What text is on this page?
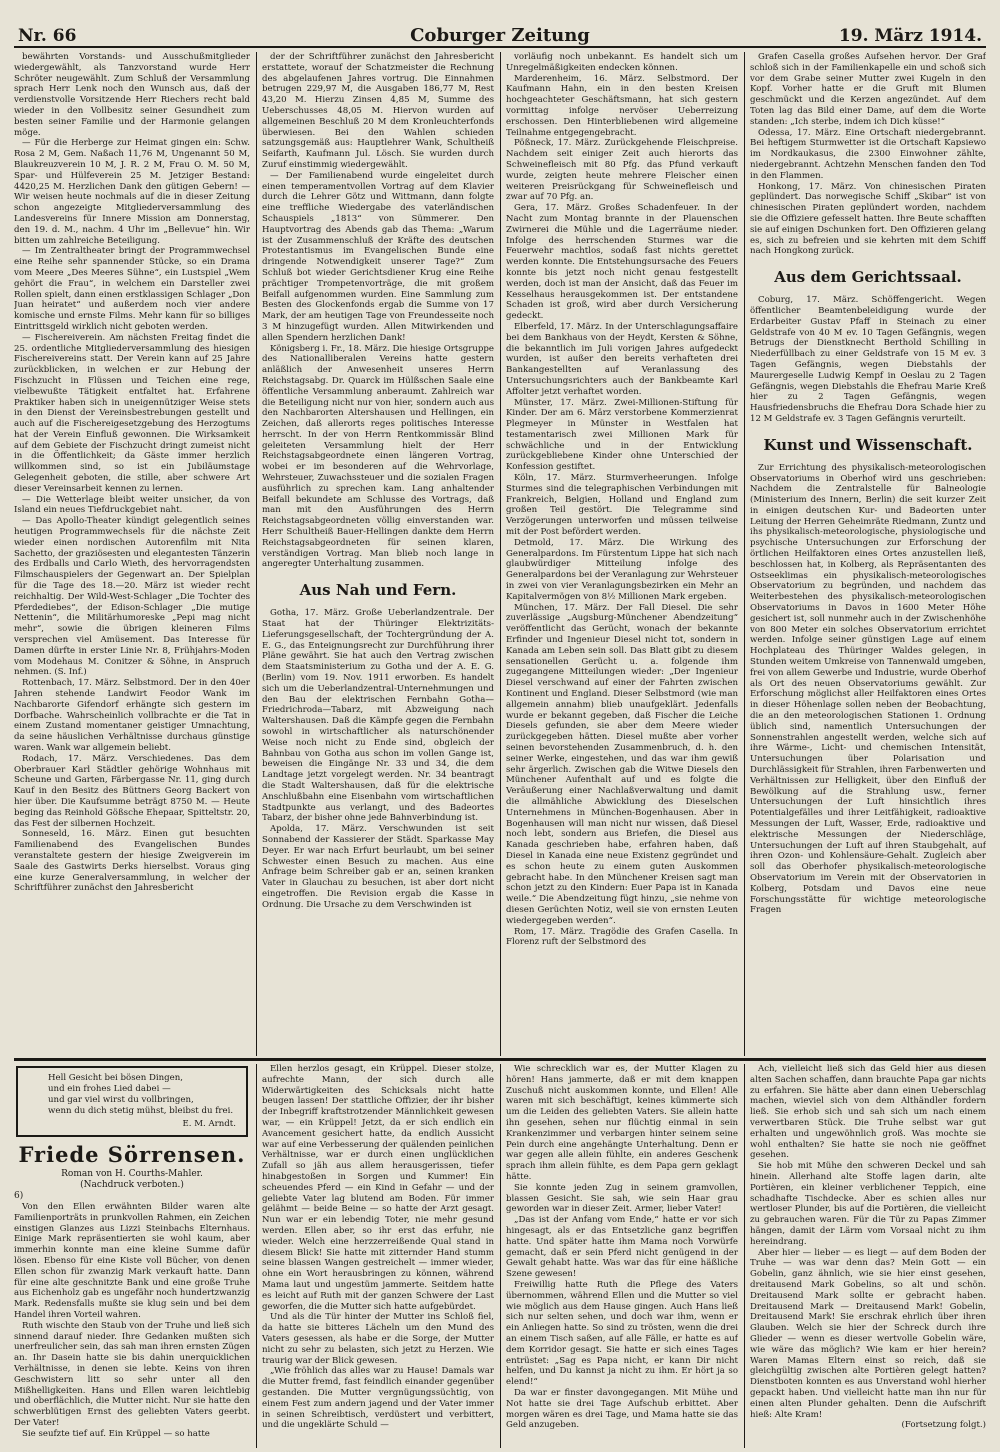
Nr. 66	Coburger Zeitung	19. März 1914.

bewährten Vorstands- und Ausschußmitglieder wiedergewählt, als Tanzvorstand wurde Herr Schröter neugewählt. Zum Schluß der Versammlung sprach Herr Lenk noch den Wunsch aus, daß der verdienstvolle Vorsitzende Herr Riechers recht bald wieder in den Vollbesitz seiner Gesundheit zum besten seiner Familie und der Harmonie gelangen möge.

— Für die Herberge zur Heimat gingen ein: Schw. Rosa 2 M, Gem. Naßach 11,76 M, Ungenannt 50 M, Blaukreuzverein 10 M, J. R. 2 M, Frau O. M. 50 M, Spar- und Hülfeverein 25 M. Jetziger Bestand: 4420,25 M. Herzlichen Dank den gütigen Gebern! — Wir weisen heute nochmals auf die in dieser Zeitung schon angezeigte Mitgliederversammlung des Landesvereins für Innere Mission am Donnerstag, den 19. d. M., nachm. 4 Uhr im „Bellevue“ hin. Wir bitten um zahlreiche Beteiligung.

— Im Zentraltheater bringt der Programmwechsel eine Reihe sehr spannender Stücke, so ein Drama vom Meere „Des Meeres Sühne“, ein Lustspiel „Wem gehört die Frau“, in welchem ein Darsteller zwei Rollen spielt, dann einen erstklassigen Schlager „Don Juan heiratet“ und außerdem noch vier andere komische und ernste Films. Mehr kann für so billiges Eintrittsgeld wirklich nicht geboten werden.

— Fischereiverein. Am nächsten Freitag findet die 25. ordentliche Mitgliederversammlung des hiesigen Fischereivereins statt. Der Verein kann auf 25 Jahre zurückblicken, in welchen er zur Hebung der Fischzucht in Flüssen und Teichen eine rege, vielbewußte Tätigkeit entfaltet hat. Erfahrene Praktiker haben sich in uneigennütziger Weise stets in den Dienst der Vereinsbestrebungen gestellt und auch auf die Fischereigesetzgebung des Herzogtums hat der Verein Einfluß gewonnen. Die Wirksamkeit auf dem Gebiete der Fischzucht dringt zumeist nicht in die Öffentlichkeit; da Gäste immer herzlich willkommen sind, so ist ein Jubiläumstage Gelegenheit geboten, die stille, aber schwere Art dieser Vereinsarbeit kennen zu lernen.

— Die Wetterlage bleibt weiter unsicher, da von Island ein neues Tiefdruckgebiet naht.

— Das Apollo-Theater kündigt gelegentlich seines heutigen Programmwechsels für die nächste Zeit wieder einen nordischen Autorenfilm mit Nita Sachetto, der graziösesten und elegantesten Tänzerin des Erdballs und Carlo Wieth, des hervorragendsten Filmschauspielers der Gegenwart an. Der Spielplan für die Tage des 18.—20. März ist wieder recht reichhaltig. Der Wild-West-Schlager „Die Tochter des Pferdediebes“, der Edison-Schlager „Die mutige Nettenin“, die Militärhumoreske „Pepi mag nicht mehr“, sowie die übrigen kleineren Films versprechen viel Amüsement. Das Interesse für Damen dürfte in erster Linie Nr. 8, Frühjahrs-Moden vom Modehaus M. Conitzer & Söhne, in Anspruch nehmen. (S. Inf.)

Rottenbach, 17. März. Selbstmord. Der in den 40er Jahren stehende Landwirt Feodor Wank im Nachbarorte Gifendorf erhängte sich gestern im Dorfbache. Wahrscheinlich vollbrachte er die Tat in einem Zustand momentaner geistiger Umnachtung, da seine häuslichen Verhältnisse durchaus günstige waren. Wank war allgemein beliebt.

Rodach, 17. März. Verschiedenes. Das dem Oberbrauer Karl Städtler gehörige Wohnhaus mit Scheune und Garten, Färbergasse Nr. 11, ging durch Kauf in den Besitz des Büttners Georg Backert von hier über. Die Kaufsumme beträgt 8750 M. — Heute beging das Reinhold Gößsche Ehepaar, Spitteltstr. 20, das Fest der silbernen Hochzeit.

Sonneseld, 16. März. Einen gut besuchten Familienabend des Evangelischen Bundes veranstaltete gestern der hiesige Zweigverein im Saale des Gastwirts Derks hierselbst. Voraus ging eine kurze Generalversammlung, in welcher der Schriftführer zunächst den Jahresbericht

der der Schriftführer zunächst den Jahresbericht erstattete, worauf der Schatzmeister die Rechnung des abgelaufenen Jahres vortrug. Die Einnahmen betrugen 229,97 M, die Ausgaben 186,77 M, Rest 43,20 M. Hierzu Zinsen 4,85 M, Summe des Ueberschusses 48,05 M. Hiervon wurden auf allgemeinen Beschluß 20 M dem Kronleuchterfonds überwiesen. Bei den Wahlen schieden satzungsgemäß aus: Hauptlehrer Wank, Schultheiß Seifarth, Kaufmann Jul. Lösch. Sie wurden durch Zuruf einstimmig wiedergewählt.

— Der Familienabend wurde eingeleitet durch einen temperamentvollen Vortrag auf dem Klavier durch die Lehrer Götz und Wittmann, dann folgte eine treffliche Wiedergabe des vaterländischen Schauspiels „1813“ von Sümmerer. Den Hauptvortrag des Abends gab das Thema: „Warum ist der Zusammenschluß der Kräfte des deutschen Protestantismus im Evangelischen Bunde eine dringende Notwendigkeit unserer Tage?“ Zum Schluß bot wieder Gerichtsdiener Krug eine Reihe prächtiger Trompetenvorträge, die mit großem Beifall aufgenommen wurden. Eine Sammlung zum Besten des Glockenfonds ergab die Summe von 17 Mark, der am heutigen Tage von Freundesseite noch 3 M hinzugefügt wurden. Allen Mitwirkenden und allen Spendern herzlichen Dank!

Königsberg i. Fr., 18. März. Die hiesige Ortsgruppe des Nationalliberalen Vereins hatte gestern anläßlich der Anwesenheit unseres Herrn Reichstagsabg. Dr. Quarck im Hülßschen Saale eine öffentliche Versammlung anberaumt. Zahlreich war die Beteiligung nicht nur von hier, sondern auch aus den Nachbarorten Altershausen und Hellingen, ein Zeichen, daß allerorts reges politisches Interesse herrscht. In der von Herrn Rentkommissär Blind geleiteten Versammlung hielt der Herr Reichstagsabgeordnete einen längeren Vortrag, wobei er im besonderen auf die Wehrvorlage, Wehrsteuer, Zuwachssteuer und die sozialen Fragen ausführlich zu sprechen kam. Lang anhaltender Beifall bekundete am Schlusse des Vortrags, daß man mit den Ausführungen des Herrn Reichstagsabgeordneten völlig einverstanden war. Herr Schultheiß Bauer-Hellingen dankte dem Herrn Reichstagsabgeordneten für seinen klaren, verständigen Vortrag. Man blieb noch lange in angeregter Unterhaltung zusammen.

Aus Nah und Fern.

Gotha, 17. März. Große Ueberlandzentrale. Der Staat hat der Thüringer Elektrizitäts-Lieferungsgesellschaft, der Tochtergründung der A. E. G., das Enteignungsrecht zur Durchführung ihrer Pläne gewährt. Sie hat auch den Vertrag zwischen dem Staatsministerium zu Gotha und der A. E. G. (Berlin) vom 19. Nov. 1911 erworben. Es handelt sich um die Ueberlandzentral-Unternehmungen und den Bau der elektrischen Fernbahn Gotha—Friedrichroda—Tabarz, mit Abzweigung nach Waltershausen. Daß die Kämpfe gegen die Fernbahn sowohl in wirtschaftlicher als naturschönender Weise noch nicht zu Ende sind, obgleich der Bahnbau von Gotha aus schon im vollen Gange ist, beweisen die Eingänge Nr. 33 und 34, die dem Landtage jetzt vorgelegt werden. Nr. 34 beantragt die Stadt Waltershausen, daß für die elektrische Anschlußbahn eine Eisenbahn vom wirtschaftlichen Stadtpunkte aus verlangt, und des Badeortes Tabarz, der bisher ohne jede Bahnverbindung ist.

Apolda, 17. März. Verschwunden ist seit Sonnabend der Kassierer der Städt. Sparkasse May Deyer. Er war nach Erfurt beurlaubt, um bei seiner Schwester einen Besuch zu machen. Aus eine Anfrage beim Schreiber gab er an, seinen kranken Vater in Glauchau zu besuchen, ist aber dort nicht eingetroffen. Die Revision ergab die Kasse in Ordnung. Die Ursache zu dem Verschwinden ist

vorläufig noch unbekannt. Es handelt sich um Unregelmäßigkeiten endecken können.

Marderenheim, 16. März. Selbstmord. Der Kaufmann Hahn, ein in den besten Kreisen hochgeachteter Geschäftsmann, hat sich gestern vormittag infolge nervöser Ueberreizung erschossen. Den Hinterbliebenen wird allgemeine Teilnahme entgegengebracht.

Pößneck, 17. März. Zurückgehende Fleischpreise. Nachdem seit einiger Zeit auch hierorts das Schweinefleisch mit 80 Pfg. das Pfund verkauft wurde, zeigten heute mehrere Fleischer einen weiteren Preisrückgang für Schweinefleisch und zwar auf 70 Pfg. an.

Gera, 17. März. Großes Schadenfeuer. In der Nacht zum Montag brannte in der Plauenschen Zwirnerei die Mühle und die Lagerräume nieder. Infolge des herrschenden Sturmes war die Feuerwehr machtlos, sodaß fast nichts gerettet werden konnte. Die Entstehungsursache des Feuers konnte bis jetzt noch nicht genau festgestellt werden, doch ist man der Ansicht, daß das Feuer im Kesselhaus herausgekommen ist. Der entstandene Schaden ist groß, wird aber durch Versicherung gedeckt.

Elberfeld, 17. März. In der Unterschlagungsaffaire bei dem Bankhaus von der Heydt, Kersten & Söhne, die bekanntlich im Juli vorigen Jahres aufgedeckt wurden, ist außer den bereits verhafteten drei Bankangestellten auf Veranlassung des Untersuchungsrichters auch der Bankbeamte Karl Affolter jetzt verhaftet worden.

Münster, 17. März. Zwei-Millionen-Stiftung für Kinder. Der am 6. März verstorbene Kommerzienrat Plegmeyer in Münster in Westfalen hat testamentarisch zwei Millionen Mark für schwächliche und in der Entwicklung zurückgebliebene Kinder ohne Unterschied der Konfession gestiftet.

Köln, 17. März. Sturmverheerungen. Infolge Sturmes sind die telegraphischen Verbindungen mit Frankreich, Belgien, Holland und England zum großen Teil gestört. Die Telegramme sind Verzögerungen unterworfen und müssen teilweise mit der Post befördert werden.

Detmold, 17. März. Die Wirkung des Generalpardons. Im Fürstentum Lippe hat sich nach glaubwürdiger Mitteilung infolge des Generalpardons bei der Veranlagung zur Wehrsteuer in zwei von vier Veranlagungsbezirken ein Mehr an Kapitalvermögen von 8½ Millionen Mark ergeben.

München, 17. März. Der Fall Diesel. Die sehr zuverlässige „Augsburg-Münchener Abendzeitung“ veröffentlicht das Gerücht, wonach der bekannte Erfinder und Ingenieur Diesel nicht tot, sondern in Kanada am Leben sein soll. Das Blatt gibt zu diesem sensationellen Gerücht u. a. folgende ihm zugegangene Mitteilungen wieder: „Der Ingenieur Diesel verschwand auf einer der Fahrten zwischen Kontinent und England. Dieser Selbstmord (wie man allgemein annahm) blieb unaufgeklärt. Jedenfalls wurde er bekannt gegeben, daß Fischer die Leiche Diesels gefunden, sie aber dem Meere wieder zurückgegeben hätten. Diesel mußte aber vorher seinen bevorstehenden Zusammenbruch, d. h. den seiner Werke, eingestehen, und das war ihm gewiß sehr ärgerlich. Zwischen gab die Witwe Diesels den Münchener Aufenthalt auf und es folgte die Veräußerung einer Nachlaßverwaltung und damit die allmähliche Abwicklung des Dieselschen Unternehmens in München-Bogenhausen. Aber in Bogenhausen will man nicht nur wissen, daß Diesel noch lebt, sondern aus Briefen, die Diesel aus Kanada geschrieben habe, erfahren haben, daß Diesel in Kanada eine neue Existenz gegründet und es schon heute zu einem guten Auskommen gebracht habe. In den Münchener Kreisen sagt man schon jetzt zu den Kindern: Euer Papa ist in Kanada weile.“ Die Abendzeitung fügt hinzu, „sie nehme von diesen Gerüchten Notiz, weil sie von ernsten Leuten wiedergegeben werden“.

Rom, 17. März. Tragödie des Grafen Casella. In Florenz ruft der Selbstmord des

Grafen Casella großes Aufsehen hervor. Der Graf schloß sich in der Familienkapelle ein und schoß sich vor dem Grabe seiner Mutter zwei Kugeln in den Kopf. Vorher hatte er die Gruft mit Blumen geschmückt und die Kerzen angezündet. Auf dem Toten lag das Bild einer Dame, auf dem die Worte standen: „Ich sterbe, indem ich Dich küsse!“

Odessa, 17. März. Eine Ortschaft niedergebrannt. Bei heftigem Sturmwetter ist die Ortschaft Kapsiewo im Nordkaukasus, die 2300 Einwohner zählte, niedergebrannt. Achtzehn Menschen fanden den Tod in den Flammen.

Honkong, 17. März. Von chinesischen Piraten geplündert. Das norwegische Schiff „Skibar“ ist von chinesischen Piraten geplündert worden, nachdem sie die Offiziere gefesselt hatten. Ihre Beute schafften sie auf einigen Dschunken fort. Den Offizieren gelang es, sich zu befreien und sie kehrten mit dem Schiff nach Hongkong zurück.

Aus dem Gerichtssaal.

Coburg, 17. März. Schöffengericht. Wegen öffentlicher Beamtenbeleidigung wurde der Erdarbeiter Gustav Pfaff in Steinach zu einer Geldstrafe von 40 M ev. 10 Tagen Gefängnis, wegen Betrugs der Dienstknecht Berthold Schilling in Niederfüllbach zu einer Geldstrafe von 15 M ev. 3 Tagen Gefängnis, wegen Diebstahls der Maurergeselle Ludwig Kempf in Oeslau zu 2 Tagen Gefängnis, wegen Diebstahls die Ehefrau Marie Kreß hier zu 2 Tagen Gefängnis, wegen Hausfriedensbruchs die Ehefrau Dora Schade hier zu 12 M Geldstrafe ev. 3 Tagen Gefängnis verurteilt.

Kunst und Wissenschaft.

Zur Errichtung des physikalisch-meteorologischen Observatoriums in Oberhof wird uns geschrieben: Nachdem die Zentralstelle für Balneologie (Ministerium des Innern, Berlin) die seit kurzer Zeit in einigen deutschen Kur- und Badeorten unter Leitung der Herren Geheimräte Riedmann, Zuntz und ihs physikalisch-meteorologische, physiologische und psychische Untersuchungen zur Erforschung der örtlichen Heilfaktoren eines Ortes anzustellen ließ, beschlossen hat, in Kolberg, als Repräsentanten des Ostseeklimas ein physikalisch-meteorologisches Observatorium zu begründen, und nachdem das Weiterbestehen des physikalisch-meteorologischen Observatoriums in Davos in 1600 Meter Höhe gesichert ist, soll nunmehr auch in der Zwischenhöhe von 800 Meter ein solches Observatorium errichtet werden. Infolge seiner günstigen Lage auf einem Hochplateau des Thüringer Waldes gelegen, in Stunden weitem Umkreise von Tannenwald umgeben, frei von allem Gewerbe und Industrie, wurde Oberhof als Ort des neuen Observatoriums gewählt. Zur Erforschung möglichst aller Heilfaktoren eines Ortes in dieser Höhenlage sollen neben der Beobachtung, die an den meteorologischen Stationen 1. Ordnung üblich sind, namentlich Untersuchungen der Sonnenstrahlen angestellt werden, welche sich auf ihre Wärme-, Licht- und chemischen Intensität, Untersuchungen über Polarisation und Durchlässigkeit für Strahlen, ihren Farbenwerten und Verhältnissen zur Helligkeit, über den Einfluß der Bewölkung auf die Strahlung usw., ferner Untersuchungen der Luft hinsichtlich ihres Potentialgefälles und ihrer Leitfähigkeit, radioaktive Messungen der Luft, Wasser, Erde, radioaktive und elektrische Messungen der Niederschläge, Untersuchungen der Luft auf ihren Staubgehalt, auf ihren Ozon- und Kohlensäure-Gehalt. Zugleich aber soll das Oberhofer physikalisch-meteorologische Observatorium im Verein mit der Observatorien in Kolberg, Potsdam und Davos eine neue Forschungsstätte für wichtige meteorologische Fragen

Hell Gesicht bei bösen Dingen,

und ein frohes Lied dabei —

und gar viel wirst du vollbringen,

wenn du dich stetig mühst, bleibst du frei.

E. M. Arndt.

Friede Sörrensen.

Roman von H. Courths-Mahler.

(Nachdruck verboten.)

6)

Von den Ellen erwähnten Bilder waren alte Familienporträts in prunkvollen Rahmen, ein Zeichen einstigen Glanzes aus Lizzi Steinbachs Elternhaus. Einige Mark repräsentierten sie wohl kaum, aber immerhin konnte man eine kleine Summe dafür lösen. Ebenso für eine Kiste voll Bücher, von denen Ellen schon für zwanzig Mark verkauft hatte. Dann für eine alte geschnitzte Bank und eine große Truhe aus Eichenholz gab es ungefähr noch hundertzwanzig Mark. Redensfalls mußte sie klug sein und bei dem Handel ihren Vorteil wahren.

Ruth wischte den Staub von der Truhe und ließ sich sinnend darauf nieder. Ihre Gedanken mußten sich unerfreulicher sein, das sah man ihren ernsten Zügen an. Ihr Dasein hatte sie bis dahin unerquicklichen Verhältnisse, in denen sie lebte. Keins von ihren Geschwistern litt so sehr unter all den Mißhelligkeiten. Hans und Ellen waren leichtlebig und oberflächlich, die Mutter nicht. Nur sie hatte den schwerblütigen Ernst des geliebten Vaters geerbt. Der Vater!

Sie seufzte tief auf. Ein Krüppel — so hatte

Ellen herzlos gesagt, ein Krüppel. Dieser stolze, aufrechte Mann, der sich durch alle Widerwärtigkeiten des Schicksals nicht hatte beugen lassen! Der stattliche Offizier, der ihr bisher der Inbegriff kraftstrotzender Männlichkeit gewesen war, — ein Krüppel! Jetzt, da er sich endlich ein Avancement gesichert hatte, da endlich Aussicht war auf eine Verbesserung der quälenden peinlichen Verhältnisse, war er durch einen unglücklichen Zufall so jäh aus allem herausgerissen, tiefer hinabgestoßen in Sorgen und Kummer! Ein scheuendes Pferd — ein Kind in Gefahr — und der geliebte Vater lag blutend am Boden. Für immer gelähmt — beide Beine — so hatte der Arzt gesagt. Nun war er ein lebendig Toter, nie mehr gesund werden. Ellen aber, so ihr erst das erfuhr, nie wieder. Welch eine herzzerreißende Qual stand in diesem Blick! Sie hatte mit zitternder Hand stumm seine blassen Wangen gestreichelt — immer wieder, ohne ein Wort herausbringen zu können, während Mama laut und ungestüm jammerte. Seitdem hatte es leicht auf Ruth mit der ganzen Schwere der Last geworfen, die die Mutter sich hatte aufgebürdet.

Und als die Tür hinter der Mutter ins Schloß fiel, da hatte sie bitteres Lächeln um den Mund des Vaters gesessen, als habe er die Sorge, der Mutter nicht zu sehr zu belasten, sich jetzt zu Herzen. Wie traurig war der Blick gewesen.

„Wie fröhlich das alles war zu Hause! Damals war die Mutter fremd, fast feindlich einander gegenüber gestanden. Die Mutter vergnügungssüchtig, von einem Fest zum andern jagend und der Vater immer in seinen Schreibtisch, verdüstert und verbittert, und die ungeklärte Schuld —

Wie schrecklich war es, der Mutter Klagen zu hören! Hans jammerte, daß er mit dem knappen Zuschuß nicht auskommen konnte, und Ellen! Alle waren mit sich beschäftigt, keines kümmerte sich um die Leiden des geliebten Vaters. Sie allein hatte ihn gesehen, sehen nur flüchtig einmal in sein Krankenzimmer und verbargen hinter seinem seine Pein durch eine angehängte Unterhaltung. Denn er war gegen alle allein fühlte, ein anderes Geschenk sprach ihm allein fühlte, es dem Papa gern geklagt hätte.

Sie konnte jeden Zug in seinem gramvollen, blassen Gesicht. Sie sah, wie sein Haar grau geworden war in dieser Zeit. Armer, lieber Vater!

„Das ist der Anfang vom Ende,“ hatte er vor sich hingesagt, als er das Entsetzliche ganz begriffen hatte. Und später hatte ihm Mama noch Vorwürfe gemacht, daß er sein Pferd nicht genügend in der Gewalt gehabt hatte. Was war das für eine häßliche Szene gewesen!

Freiwillig hatte Ruth die Pflege des Vaters übernommen, während Ellen und die Mutter so viel wie möglich aus dem Hause gingen. Auch Hans ließ sich nur selten sehen, und doch war ihm, wenn er ein Anliegen hatte. So sind zu trösten, wenn die drei an einem Tisch saßen, auf alle Fälle, er hatte es auf dem Korridor gesagt. Sie hatte er sich eines Tages entrüstet: „Sag es Papa nicht, er kann Dir nicht helfen, und Du kannst ja nicht zu ihm. Er hört ja so elend!“

Da war er finster davongegangen. Mit Mühe und Not hatte sie drei Tage Aufschub erbittet. Aber morgen wären es drei Tage, und Mama hatte sie das Geld anzugeben.

Ach, vielleicht ließ sich das Geld hier aus diesen alten Sachen schaffen, dann brauchte Papa gar nichts zu erfahren. Sie hätte aber dann einen Ueberschlag machen, wieviel sich von dem Althändler fordern ließ. Sie erhob sich und sah sich um nach einem verwertbaren Stück. Die Truhe selbst war gut erhalten und ungewöhnlich groß. Was mochte sie wohl enthalten? Sie hatte sie noch nie geöffnet gesehen.

Sie hob mit Mühe den schweren Deckel und sah hinein. Allerhand alte Stoffe lagen darin, alte Portièren, ein kleiner verblichener Teppich, eine schadhafte Tischdecke. Aber es schien alles nur wertloser Plunder, bis auf die Portièren, die vielleicht zu gebrauchen waren. Für die Tür zu Papas Zimmer hängen, damit der Lärm vom Vorsaal nicht zu ihm hereindrang.

Aber hier — lieber — es liegt — auf dem Boden der Truhe — was war denn das? Mein Gott — ein Gobelin, ganz ähnlich, wie sie hier einst gesehen, dreitausend Mark Gobelins, so alt und schön. Dreitausend Mark sollte er gebracht haben. Dreitausend Mark — Dreitausend Mark! Gobelin, Dreitausend Mark! Sie erschrak ehrlich über ihren Glauben. Welch sie hier der Schreck durch ihre Glieder — wenn es dieser wertvolle Gobelin wäre, wie wäre das möglich? Wie kam er hier herein? Waren Mamas Eltern einst so reich, daß sie gleichgültig zwischen alte Portièren gelegt hatten? Dienstboten konnten es aus Unverstand wohl hierher gepackt haben. Und vielleicht hatte man ihn nur für einen alten Plunder gehalten. Denn die Aufschrift hieß: Alte Kram!

(Fortsetzung folgt.)
